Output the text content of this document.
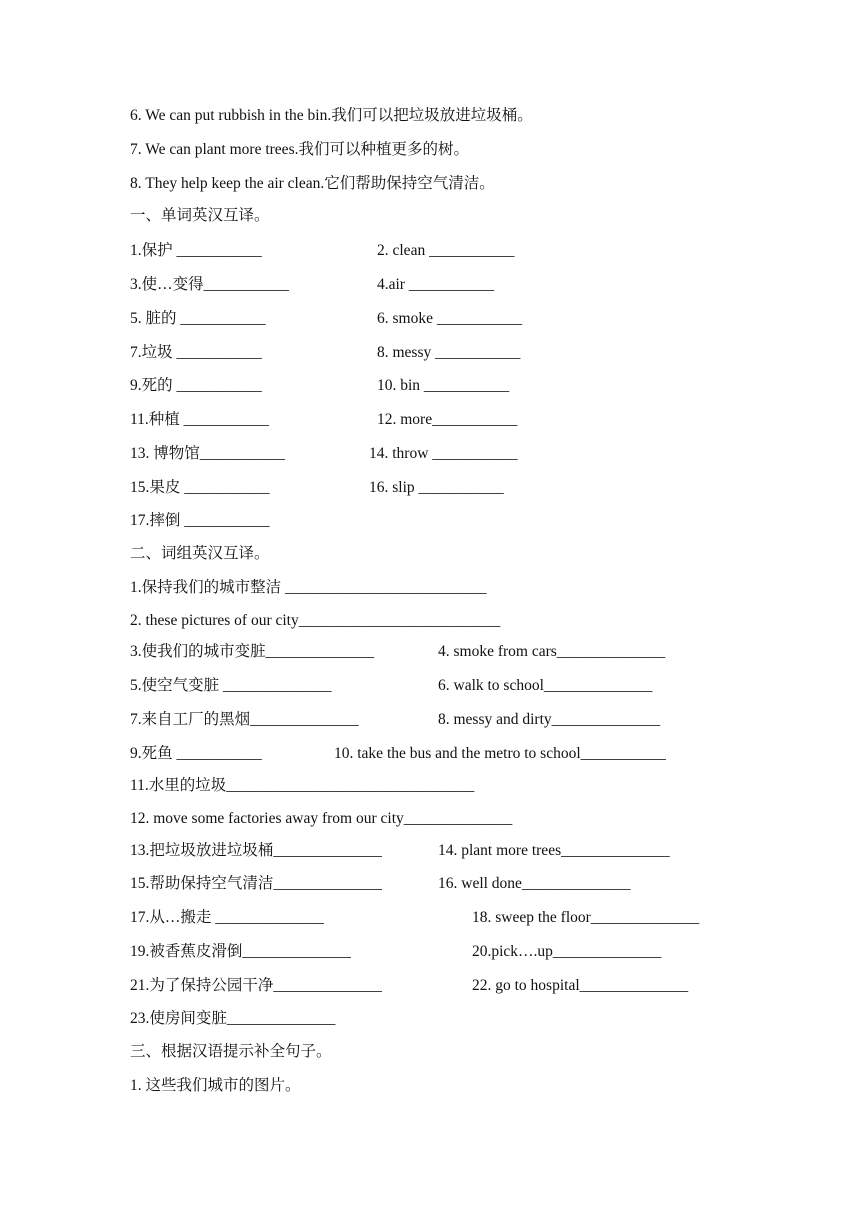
6. We can put rubbish in the bin.我们可以把垃圾放进垃圾桶。
7. We can plant more trees.我们可以种植更多的树。
8. They help keep the air clean.它们帮助保持空气清洁。
一、单词英汉互译。
1.保护 ___________	2. clean ___________
3.使…变得___________	4.air ___________
5. 脏的 ___________	6. smoke ___________
7.垃圾 ___________	8. messy ___________
9.死的 ___________	10. bin ___________
11.种植 ___________	12. more___________
13. 博物馆___________	14. throw ___________
15.果皮 ___________	16. slip ___________
17.摔倒 ___________
二、词组英汉互译。
1.保持我们的城市整洁 __________________________
2. these pictures of our city__________________________
3.使我们的城市变脏______________	4. smoke from cars______________
5.使空气变脏 ______________	6. walk to school______________
7.来自工厂的黑烟______________	8. messy and dirty______________
9.死鱼 ___________	10. take the bus and the metro to school___________
11.水里的垃圾________________________________
12. move some factories away from our city______________
13.把垃圾放进垃圾桶______________	14. plant more trees______________
15.帮助保持空气清洁______________	16. well done______________
17.从…搬走 ______________	18. sweep the floor______________
19.被香蕉皮滑倒______________	20.pick….up______________
21.为了保持公园干净______________	22. go to hospital______________
23.使房间变脏______________
三、根据汉语提示补全句子。
1. 这些我们城市的图片。
